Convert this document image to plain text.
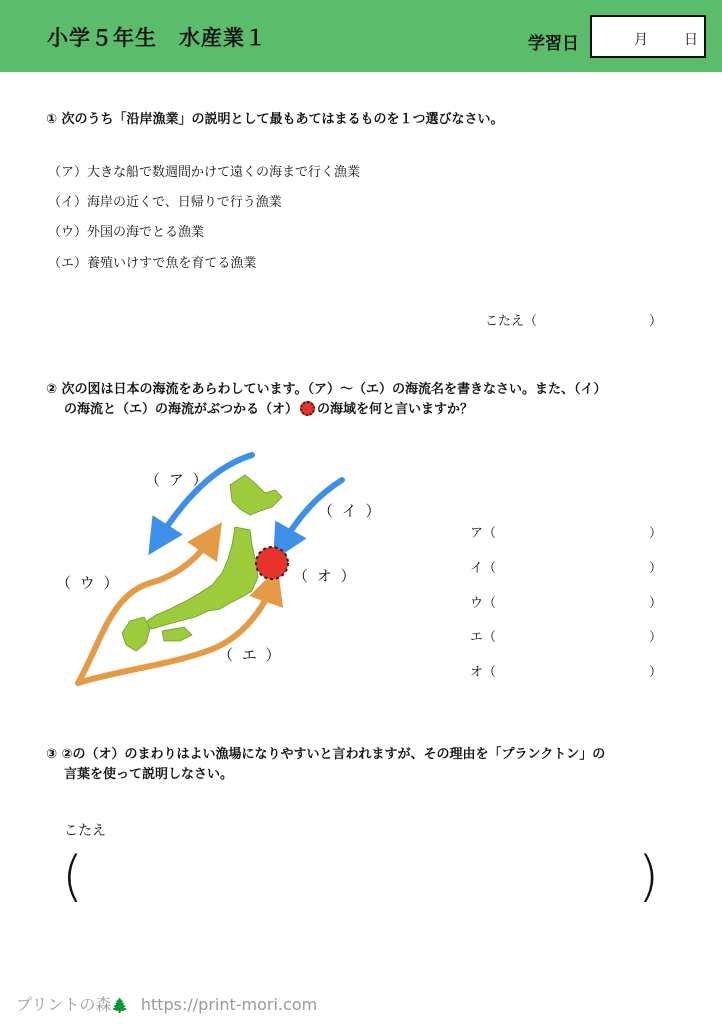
小学５年生　水産業１	学習日	月	日
① 次のうち「沿岸漁業」の説明として最もあてはまるものを１つ選びなさい。
（ア）大きな船で数週間かけて遠くの海まで行く漁業
（イ）海岸の近くで、日帰りで行う漁業
（ウ）外国の海でとる漁業
（エ）養殖いけすで魚を育てる漁業
こたえ（	）
② 次の図は日本の海流をあらわしています。（ア）〜（エ）の海流名を書きなさい。また、（イ）
の海流と（エ）の海流がぶつかる（オ） の海域を何と言いますか？
（ ア ）
（ イ ）
（ ウ ）	（ オ ）
（ エ ）
ア（	）
イ（	）
ウ（	）
エ（	）
オ（	）
③ ②の（オ）のまわりはよい漁場になりやすいと言われますが、その理由を「プランクトン」の
言葉を使って説明しなさい。
こたえ
(	)
プリントの森🌲 https://print-mori.com
